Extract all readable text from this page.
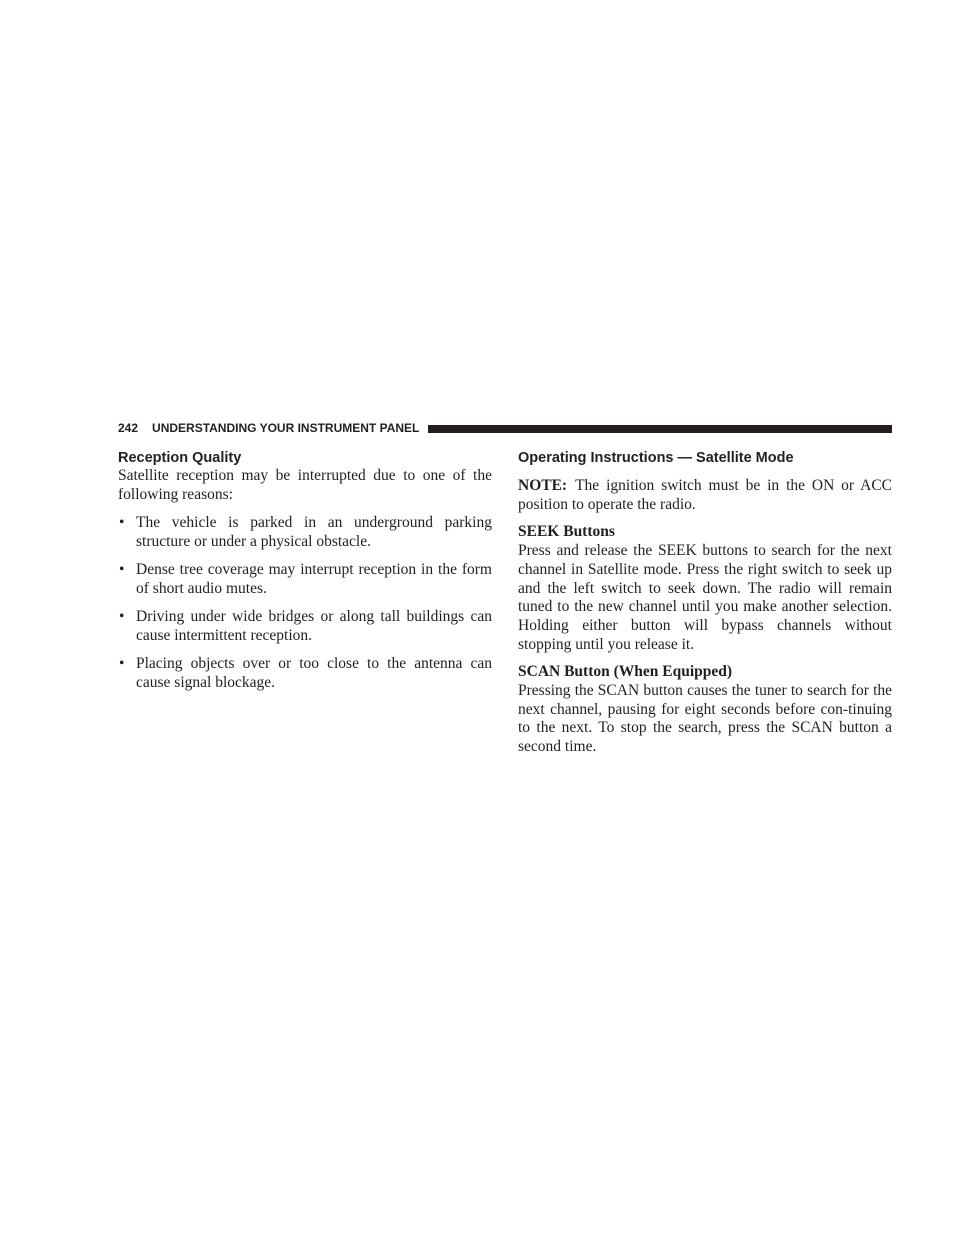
242 UNDERSTANDING YOUR INSTRUMENT PANEL
Reception Quality

Satellite reception may be interrupted due to one of the following reasons:

• The vehicle is parked in an underground parking structure or under a physical obstacle.
• Dense tree coverage may interrupt reception in the form of short audio mutes.
• Driving under wide bridges or along tall buildings can cause intermittent reception.
• Placing objects over or too close to the antenna can cause signal blockage.
Operating Instructions — Satellite Mode

NOTE: The ignition switch must be in the ON or ACC position to operate the radio.

SEEK Buttons

Press and release the SEEK buttons to search for the next channel in Satellite mode. Press the right switch to seek up and the left switch to seek down. The radio will remain tuned to the new channel until you make another selection. Holding either button will bypass channels without stopping until you release it.

SCAN Button (When Equipped)

Pressing the SCAN button causes the tuner to search for the next channel, pausing for eight seconds before con-tinuing to the next. To stop the search, press the SCAN button a second time.
